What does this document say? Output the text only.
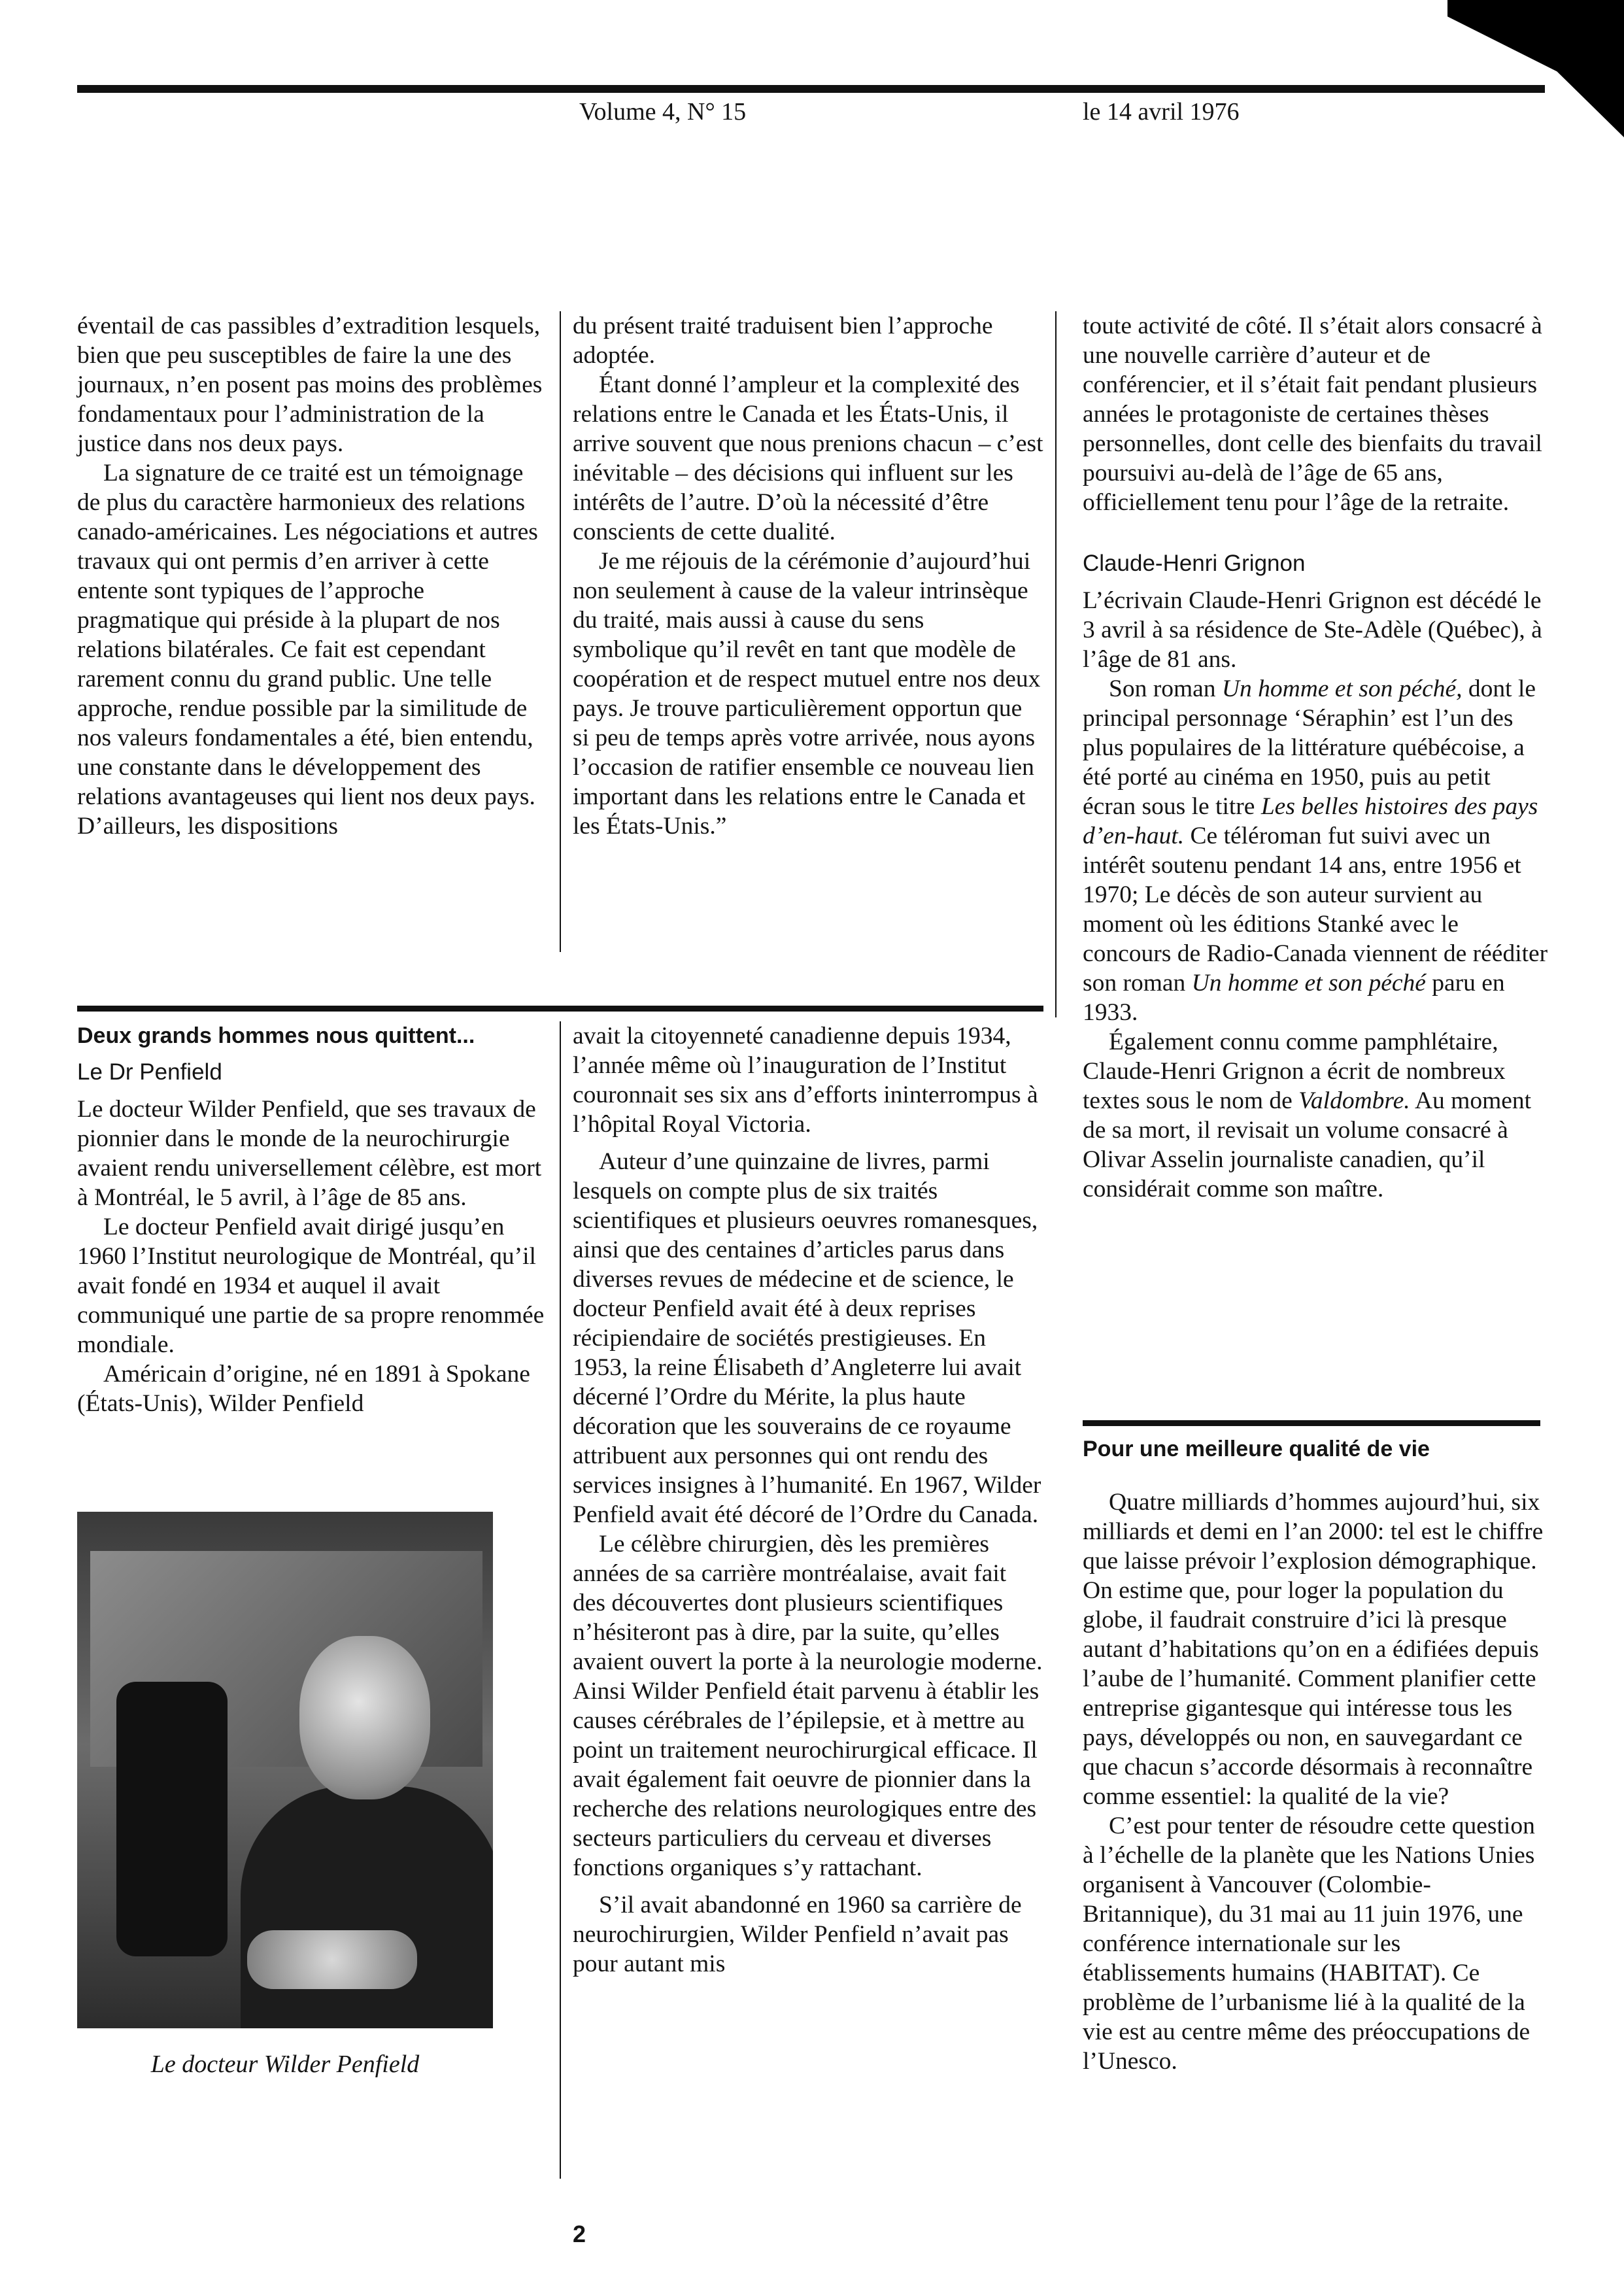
Volume 4, N° 15	le 14 avril 1976

éventail de cas passibles d’extradition lesquels, bien que peu susceptibles de faire la une des journaux, n’en posent pas moins des problèmes fondamentaux pour l’administration de la justice dans nos deux pays.

La signature de ce traité est un témoignage de plus du caractère harmonieux des relations canado-américaines. Les négociations et autres travaux qui ont permis d’en arriver à cette entente sont typiques de l’approche pragmatique qui préside à la plupart de nos relations bilatérales. Ce fait est cependant rarement connu du grand public. Une telle approche, rendue possible par la similitude de nos valeurs fondamentales a été, bien entendu, une constante dans le développement des relations avantageuses qui lient nos deux pays. D’ailleurs, les dispositions

du présent traité traduisent bien l’approche adoptée.

Étant donné l’ampleur et la complexité des relations entre le Canada et les États-Unis, il arrive souvent que nous prenions chacun – c’est inévitable – des décisions qui influent sur les intérêts de l’autre. D’où la nécessité d’être conscients de cette dualité.

Je me réjouis de la cérémonie d’aujourd’hui non seulement à cause de la valeur intrinsèque du traité, mais aussi à cause du sens symbolique qu’il revêt en tant que modèle de coopération et de respect mutuel entre nos deux pays. Je trouve particulièrement opportun que si peu de temps après votre arrivée, nous ayons l’occasion de ratifier ensemble ce nouveau lien important dans les relations entre le Canada et les États-Unis.”

toute activité de côté. Il s’était alors consacré à une nouvelle carrière d’auteur et de conférencier, et il s’était fait pendant plusieurs années le protagoniste de certaines thèses personnelles, dont celle des bienfaits du travail poursuivi au-delà de l’âge de 65 ans, officiellement tenu pour l’âge de la retraite.

Claude-Henri Grignon

L’écrivain Claude-Henri Grignon est décédé le 3 avril à sa résidence de Ste-Adèle (Québec), à l’âge de 81 ans.

Son roman Un homme et son péché, dont le principal personnage ‘Séraphin’ est l’un des plus populaires de la littérature québécoise, a été porté au cinéma en 1950, puis au petit écran sous le titre Les belles histoires des pays d’en-haut. Ce téléroman fut suivi avec un intérêt soutenu pendant 14 ans, entre 1956 et 1970; Le décès de son auteur survient au moment où les éditions Stanké avec le concours de Radio-Canada viennent de rééditer son roman Un homme et son péché paru en 1933.

Également connu comme pamphlétaire, Claude-Henri Grignon a écrit de nombreux textes sous le nom de Valdombre. Au moment de sa mort, il revisait un volume consacré à Olivar Asselin journaliste canadien, qu’il considérait comme son maître.

Deux grands hommes nous quittent...
Le Dr Penfield

Le docteur Wilder Penfield, que ses travaux de pionnier dans le monde de la neurochirurgie avaient rendu universellement célèbre, est mort à Montréal, le 5 avril, à l’âge de 85 ans.

Le docteur Penfield avait dirigé jusqu’en 1960 l’Institut neurologique de Montréal, qu’il avait fondé en 1934 et auquel il avait communiqué une partie de sa propre renommée mondiale.

Américain d’origine, né en 1891 à Spokane (États-Unis), Wilder Penfield

Le docteur Wilder Penfield

avait la citoyenneté canadienne depuis 1934, l’année même où l’inauguration de l’Institut couronnait ses six ans d’efforts ininterrompus à l’hôpital Royal Victoria.

Auteur d’une quinzaine de livres, parmi lesquels on compte plus de six traités scientifiques et plusieurs oeuvres romanesques, ainsi que des centaines d’articles parus dans diverses revues de médecine et de science, le docteur Penfield avait été à deux reprises récipiendaire de sociétés prestigieuses. En 1953, la reine Élisabeth d’Angleterre lui avait décerné l’Ordre du Mérite, la plus haute décoration que les souverains de ce royaume attribuent aux personnes qui ont rendu des services insignes à l’humanité. En 1967, Wilder Penfield avait été décoré de l’Ordre du Canada.

Le célèbre chirurgien, dès les premières années de sa carrière montréalaise, avait fait des découvertes dont plusieurs scientifiques n’hésiteront pas à dire, par la suite, qu’elles avaient ouvert la porte à la neurologie moderne. Ainsi Wilder Penfield était parvenu à établir les causes cérébrales de l’épilepsie, et à mettre au point un traitement neurochirurgical efficace. Il avait également fait oeuvre de pionnier dans la recherche des relations neurologiques entre des secteurs particuliers du cerveau et diverses fonctions organiques s’y rattachant.

S’il avait abandonné en 1960 sa carrière de neurochirurgien, Wilder Penfield n’avait pas pour autant mis

Pour une meilleure qualité de vie

Quatre milliards d’hommes aujourd’hui, six milliards et demi en l’an 2000: tel est le chiffre que laisse prévoir l’explosion démographique. On estime que, pour loger la population du globe, il faudrait construire d’ici là presque autant d’habitations qu’on en a édifiées depuis l’aube de l’humanité. Comment planifier cette entreprise gigantesque qui intéresse tous les pays, développés ou non, en sauvegardant ce que chacun s’accorde désormais à reconnaître comme essentiel: la qualité de la vie?

C’est pour tenter de résoudre cette question à l’échelle de la planète que les Nations Unies organisent à Vancouver (Colombie-Britannique), du 31 mai au 11 juin 1976, une conférence internationale sur les établissements humains (HABITAT). Ce problème de l’urbanisme lié à la qualité de la vie est au centre même des préoccupations de l’Unesco.

2
